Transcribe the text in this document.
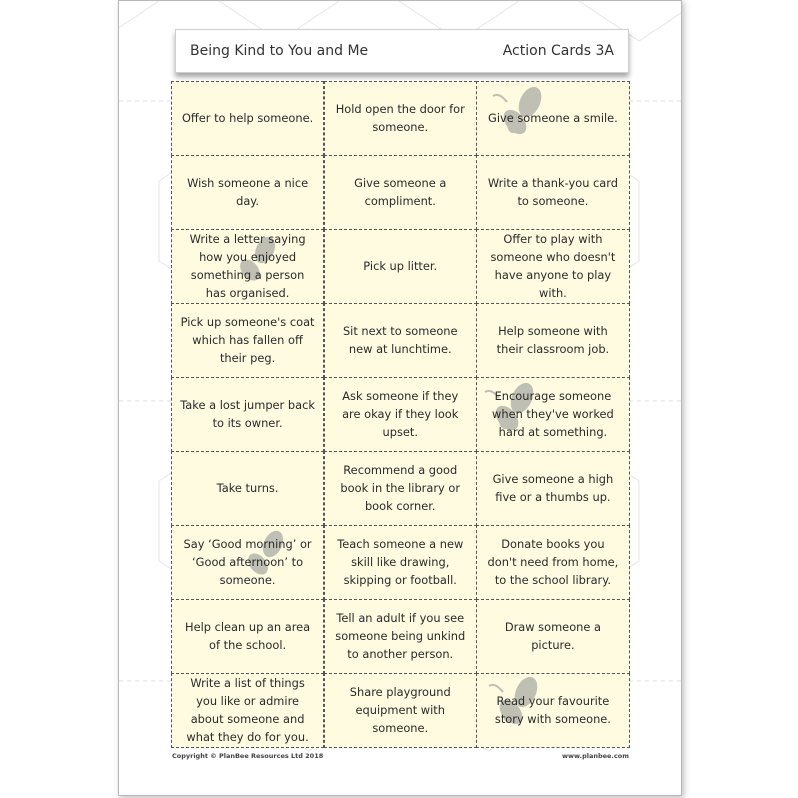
Being Kind to You and Me	Action Cards 3A
Offer to help someone.
Hold open the door for someone.
Give someone a smile.
Wish someone a nice day.
Give someone a compliment.
Write a thank-you card to someone.
Write a letter saying how you enjoyed something a person has organised.
Pick up litter.
Offer to play with someone who doesn't have anyone to play with.
Pick up someone's coat which has fallen off their peg.
Sit next to someone new at lunchtime.
Help someone with their classroom job.
Take a lost jumper back to its owner.
Ask someone if they are okay if they look upset.
Encourage someone when they've worked hard at something.
Take turns.
Recommend a good book in the library or book corner.
Give someone a high five or a thumbs up.
Say ‘Good morning’ or ‘Good afternoon’ to someone.
Teach someone a new skill like drawing, skipping or football.
Donate books you don't need from home, to the school library.
Help clean up an area of the school.
Tell an adult if you see someone being unkind to another person.
Draw someone a picture.
Write a list of things you like or admire about someone and what they do for you.
Share playground equipment with someone.
Read your favourite story with someone.
Copyright © PlanBee Resources Ltd 2018	www.planbee.com
